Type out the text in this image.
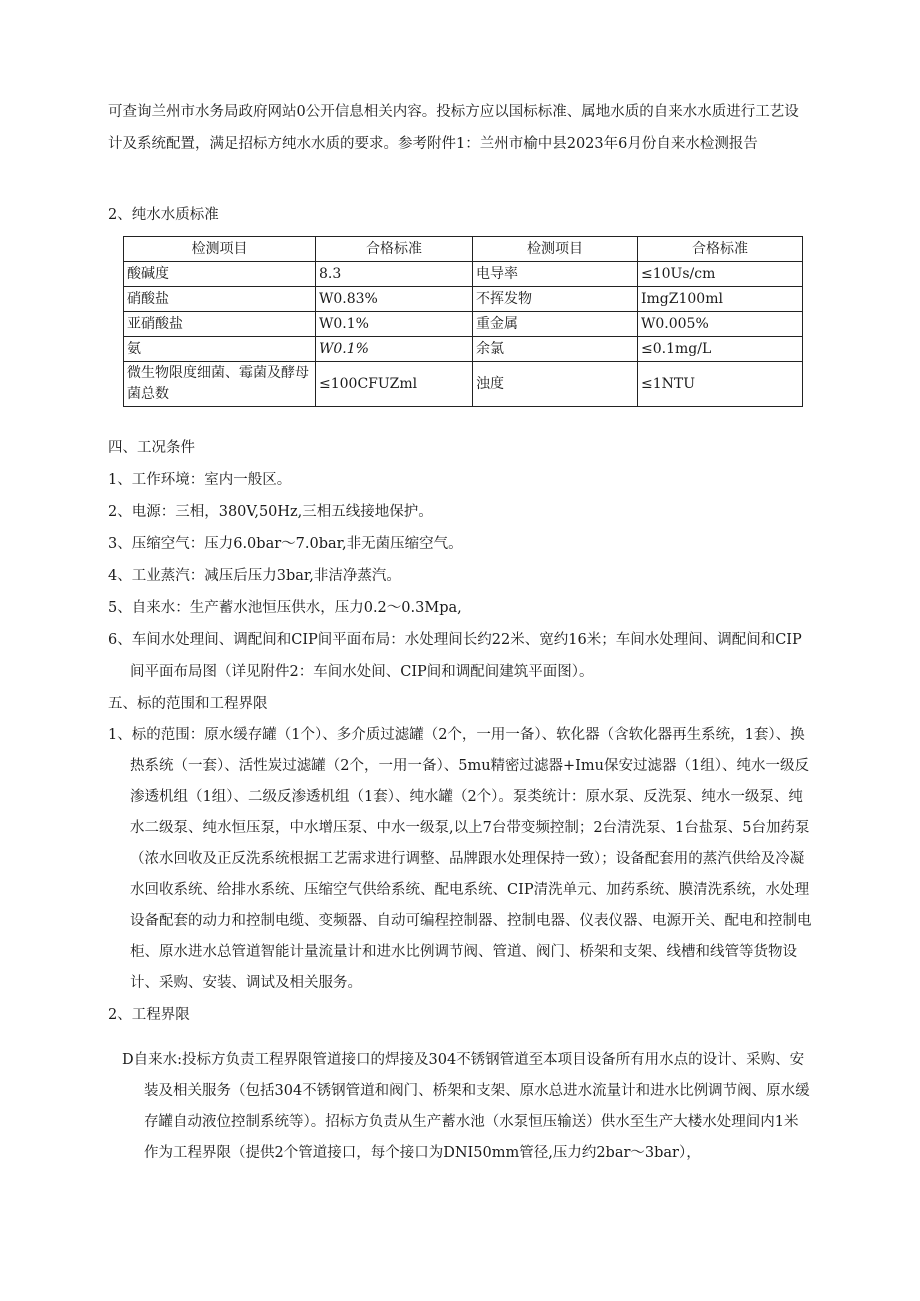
可查询兰州市水务局政府网站0公开信息相关内容。投标方应以国标标准、属地水质的自来水水质进行工艺设计及系统配置，满足招标方纯水水质的要求。参考附件1：兰州市榆中县2023年6月份自来水检测报告

2、纯水水质标准

检测项目	合格标准	检测项目	合格标准
酸碱度	8.3	电导率	≤10Us/cm
硝酸盐	W0.83%	不挥发物	ImgZ100ml
亚硝酸盐	W0.1%	重金属	W0.005%
氨	W0.1%	余氯	≤0.1mg/L
微生物限度细菌、霉菌及酵母菌总数	≤100CFUZml	浊度	≤1NTU

四、工况条件

1、工作环境：室内一般区。

2、电源：三相，380V,50Hz,三相五线接地保护。

3、压缩空气：压力6.0bar～7.0bar,非无菌压缩空气。

4、工业蒸汽：减压后压力3bar,非洁净蒸汽。

5、自来水：生产蓄水池恒压供水，压力0.2～0.3Mpa,

6、车间水处理间、调配间和CIP间平面布局：水处理间长约22米、宽约16米；车间水处理间、调配间和CIP间平面布局图（详见附件2：车间水处间、CIP间和调配间建筑平面图）。

五、标的范围和工程界限

1、标的范围：原水缓存罐（1个）、多介质过滤罐（2个，一用一备）、软化器（含软化器再生系统，1套）、换热系统（一套）、活性炭过滤罐（2个，一用一备）、5mu精密过滤器+Imu保安过滤器（1组）、纯水一级反渗透机组（1组）、二级反渗透机组（1套）、纯水罐（2个）。泵类统计：原水泵、反洗泵、纯水一级泵、纯水二级泵、纯水恒压泵，中水增压泵、中水一级泵,以上7台带变频控制；2台清洗泵、1台盐泵、5台加药泵（浓水回收及正反洗系统根据工艺需求进行调整、品牌跟水处理保持一致）；设备配套用的蒸汽供给及冷凝水回收系统、给排水系统、压缩空气供给系统、配电系统、CIP清洗单元、加药系统、膜清洗系统，水处理设备配套的动力和控制电缆、变频器、自动可编程控制器、控制电器、仪表仪器、电源开关、配电和控制电柜、原水进水总管道智能计量流量计和进水比例调节阀、管道、阀门、桥架和支架、线槽和线管等货物设计、采购、安装、调试及相关服务。

2、工程界限

D自来水:投标方负责工程界限管道接口的焊接及304不锈钢管道至本项目设备所有用水点的设计、采购、安装及相关服务（包括304不锈钢管道和阀门、桥架和支架、原水总进水流量计和进水比例调节阀、原水缓存罐自动液位控制系统等）。招标方负责从生产蓄水池（水泵恒压输送）供水至生产大楼水处理间内1米作为工程界限（提供2个管道接口，每个接口为DNI50mm管径,压力约2bar～3bar），
